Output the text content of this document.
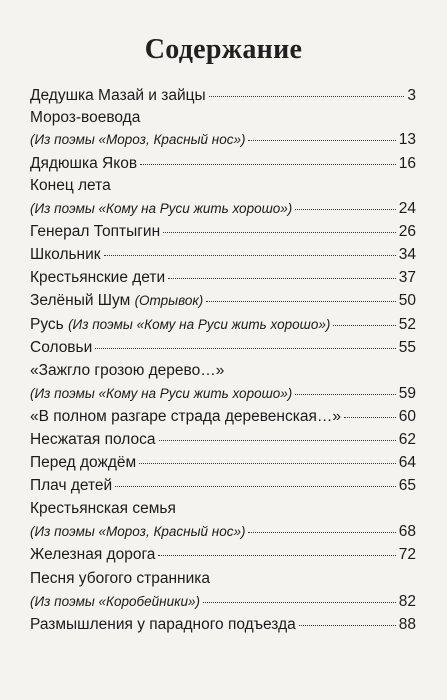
Содержание
Дедушка Мазай и зайцы	3
Мороз-воевода
(Из поэмы «Мороз, Красный нос»)	13
Дядюшка Яков	16
Конец лета
(Из поэмы «Кому на Руси жить хорошо»)	24
Генерал Топтыгин	26
Школьник	34
Крестьянские дети	37
Зелёный Шум (Отрывок)	50
Русь (Из поэмы «Кому на Руси жить хорошо»)	52
Соловьи	55
«Зажгло грозою дерево…»
(Из поэмы «Кому на Руси жить хорошо»)	59
«В полном разгаре страда деревенская…»	60
Несжатая полоса	62
Перед дождём	64
Плач детей	65
Крестьянская семья
(Из поэмы «Мороз, Красный нос»)	68
Железная дорога	72
Песня убогого странника
(Из поэмы «Коробейники»)	82
Размышления у парадного подъезда	88
